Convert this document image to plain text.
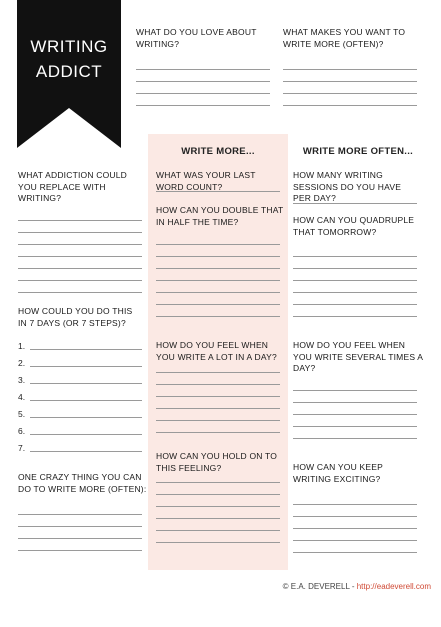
WRITING
ADDICT

WHAT DO YOU LOVE ABOUT WRITING?

WHAT MAKES YOU WANT TO WRITE MORE (OFTEN)?

WRITE MORE...	WRITE MORE OFTEN...

WHAT ADDICTION COULD YOU REPLACE WITH WRITING?

HOW COULD YOU DO THIS IN 7 DAYS (OR 7 STEPS)?

1.
2.
3.
4.
5.
6.
7.

ONE CRAZY THING YOU CAN DO TO WRITE MORE (OFTEN):

WHAT WAS YOUR LAST WORD COUNT?

HOW CAN YOU DOUBLE THAT IN HALF THE TIME?

HOW DO YOU FEEL WHEN YOU WRITE A LOT IN A DAY?

HOW CAN YOU HOLD ON TO THIS FEELING?

HOW MANY WRITING SESSIONS DO YOU HAVE PER DAY?

HOW CAN YOU QUADRUPLE THAT TOMORROW?

HOW DO YOU FEEL WHEN YOU WRITE SEVERAL TIMES A DAY?

HOW CAN YOU KEEP WRITING EXCITING?

© E.A. DEVERELL - http://eadeverell.com
